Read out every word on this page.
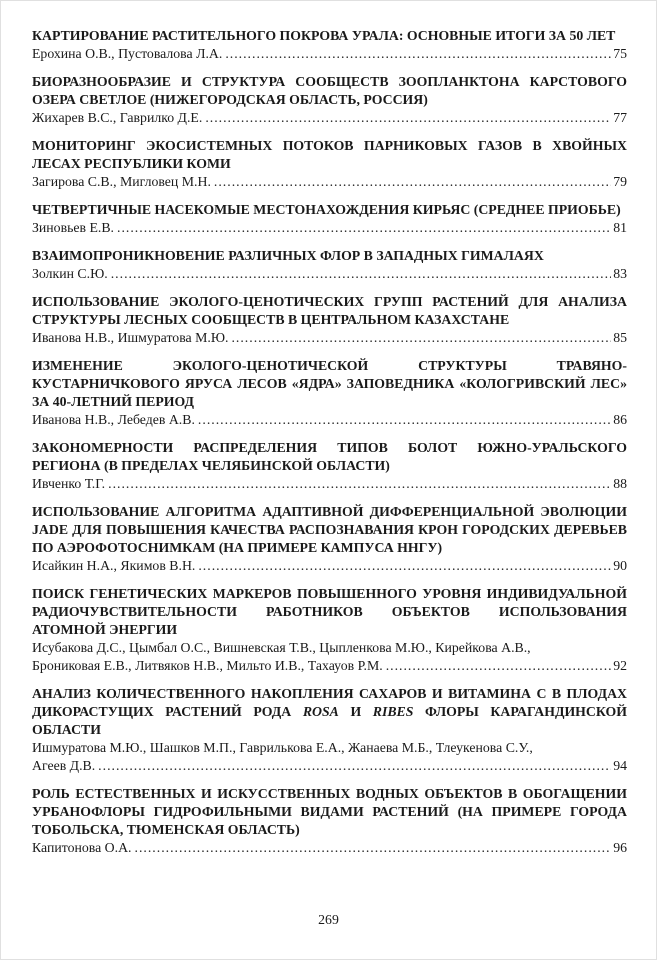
КАРТИРОВАНИЕ РАСТИТЕЛЬНОГО ПОКРОВА УРАЛА: ОСНОВНЫЕ ИТОГИ ЗА 50 ЛЕТ
Ерохина О.В., Пустовалова Л.А. .....	75
БИОРАЗНООБРАЗИЕ И СТРУКТУРА СООБЩЕСТВ ЗООПЛАНКТОНА КАРСТОВОГО ОЗЕРА СВЕТЛОЕ (НИЖЕГОРОДСКАЯ ОБЛАСТЬ, РОССИЯ)
Жихарев В.С., Гаврилко Д.Е. .....	77
МОНИТОРИНГ ЭКОСИСТЕМНЫХ ПОТОКОВ ПАРНИКОВЫХ ГАЗОВ В ХВОЙНЫХ ЛЕСАХ РЕСПУБЛИКИ КОМИ
Загирова С.В., Мигловец М.Н. .....	79
ЧЕТВЕРТИЧНЫЕ НАСЕКОМЫЕ МЕСТОНАХОЖДЕНИЯ КИРЬЯС (СРЕДНЕЕ ПРИОБЬЕ)
Зиновьев Е.В. .....	81
ВЗАИМОПРОНИКНОВЕНИЕ РАЗЛИЧНЫХ ФЛОР В ЗАПАДНЫХ ГИМАЛАЯХ
Золкин С.Ю. .....	83
ИСПОЛЬЗОВАНИЕ ЭКОЛОГО-ЦЕНОТИЧЕСКИХ ГРУПП РАСТЕНИЙ ДЛЯ АНАЛИЗА СТРУКТУРЫ ЛЕСНЫХ СООБЩЕСТВ В ЦЕНТРАЛЬНОМ КАЗАХСТАНЕ
Иванова Н.В., Ишмуратова М.Ю. .....	85
ИЗМЕНЕНИЕ ЭКОЛОГО-ЦЕНОТИЧЕСКОЙ СТРУКТУРЫ ТРАВЯНО-КУСТАРНИЧКОВОГО ЯРУСА ЛЕСОВ «ЯДРА» ЗАПОВЕДНИКА «КОЛОГРИВСКИЙ ЛЕС» ЗА 40-ЛЕТНИЙ ПЕРИОД
Иванова Н.В., Лебедев А.В. .....	86
ЗАКОНОМЕРНОСТИ РАСПРЕДЕЛЕНИЯ ТИПОВ БОЛОТ ЮЖНО-УРАЛЬСКОГО РЕГИОНА (В ПРЕДЕЛАХ ЧЕЛЯБИНСКОЙ ОБЛАСТИ)
Ивченко Т.Г. .....	88
ИСПОЛЬЗОВАНИЕ АЛГОРИТМА АДАПТИВНОЙ ДИФФЕРЕНЦИАЛЬНОЙ ЭВОЛЮЦИИ JADE ДЛЯ ПОВЫШЕНИЯ КАЧЕСТВА РАСПОЗНАВАНИЯ КРОН ГОРОДСКИХ ДЕРЕВЬЕВ ПО АЭРОФОТОСНИМКАМ (НА ПРИМЕРЕ КАМПУСА ННГУ)
Исайкин Н.А., Якимов В.Н. .....	90
ПОИСК ГЕНЕТИЧЕСКИХ МАРКЕРОВ ПОВЫШЕННОГО УРОВНЯ ИНДИВИДУАЛЬНОЙ РАДИОЧУВСТВИТЕЛЬНОСТИ РАБОТНИКОВ ОБЪЕКТОВ ИСПОЛЬЗОВАНИЯ АТОМНОЙ ЭНЕРГИИ
Исубакова Д.С., Цымбал О.С., Вишневская Т.В., Цыпленкова М.Ю., Кирейкова А.В.,
Брониковая Е.В., Литвяков Н.В., Мильто И.В., Тахауов Р.М. .....	92
АНАЛИЗ КОЛИЧЕСТВЕННОГО НАКОПЛЕНИЯ САХАРОВ И ВИТАМИНА С В ПЛОДАХ ДИКОРАСТУЩИХ РАСТЕНИЙ РОДА ROSA И RIBES ФЛОРЫ КАРАГАНДИНСКОЙ ОБЛАСТИ
Ишмуратова М.Ю., Шашков М.П., Гаврилькова Е.А., Жанаева М.Б., Тлеукенова С.У.,
Агеев Д.В. .....	94
РОЛЬ ЕСТЕСТВЕННЫХ И ИСКУССТВЕННЫХ ВОДНЫХ ОБЪЕКТОВ В ОБОГАЩЕНИИ УРБАНОФЛОРЫ ГИДРОФИЛЬНЫМИ ВИДАМИ РАСТЕНИЙ (НА ПРИМЕРЕ ГОРОДА ТОБОЛЬСКА, ТЮМЕНСКАЯ ОБЛАСТЬ)
Капитонова О.А. .....	96
269
